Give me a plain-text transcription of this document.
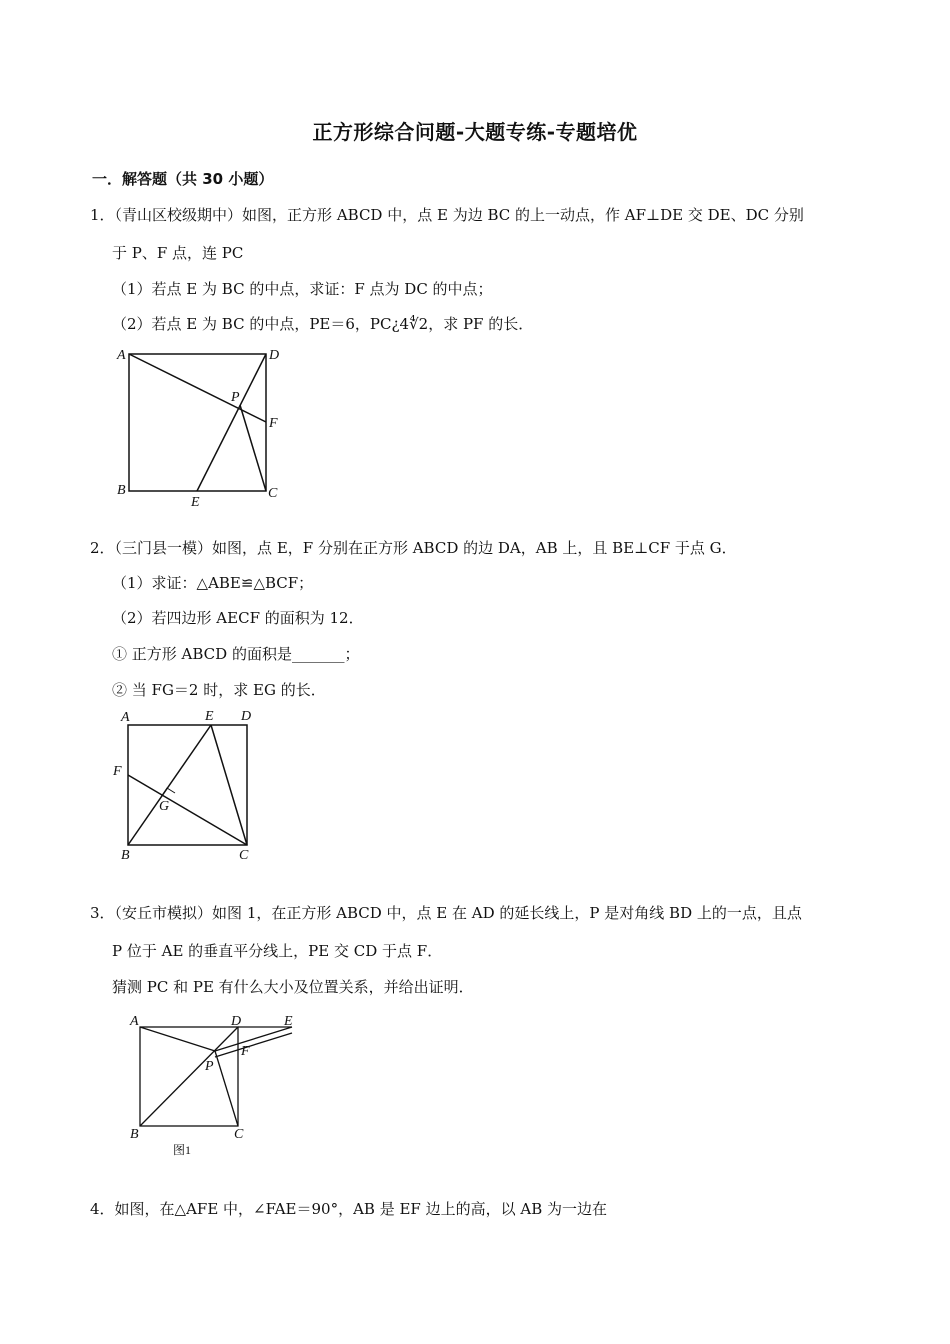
正方形综合问题-大题专练-专题培优
一．解答题（共 30 小题）
1．（青山区校级期中）如图，正方形 ABCD 中，点 E 为边 BC 的上一动点，作 AF⊥DE 交 DE、DC 分别
于 P、F 点，连 PC
（1）若点 E 为 BC 的中点，求证：F 点为 DC 的中点；
（2）若点 E 为 BC 的中点，PE＝6，PC¿4∜2，求 PF 的长．
A	D
P
F
B
E
C
2．（三门县一模）如图，点 E，F 分别在正方形 ABCD 的边 DA，AB 上，且 BE⊥CF 于点 G．
（1）求证：△ABE≌△BCF；
（2）若四边形 AECF 的面积为 12．
① 正方形 ABCD 的面积是_______；
② 当 FG＝2 时，求 EG 的长．
A	E D
F
G
B	C
3．（安丘市模拟）如图 1，在正方形 ABCD 中，点 E 在 AD 的延长线上，P 是对角线 BD 上的一点，且点
P 位于 AE 的垂直平分线上，PE 交 CD 于点 F．
猜测 PC 和 PE 有什么大小及位置关系，并给出证明．
A	D	E
F
P
B	C
图1
4．如图，在△AFE 中，∠FAE＝90°，AB 是 EF 边上的高，以 AB 为一边在
